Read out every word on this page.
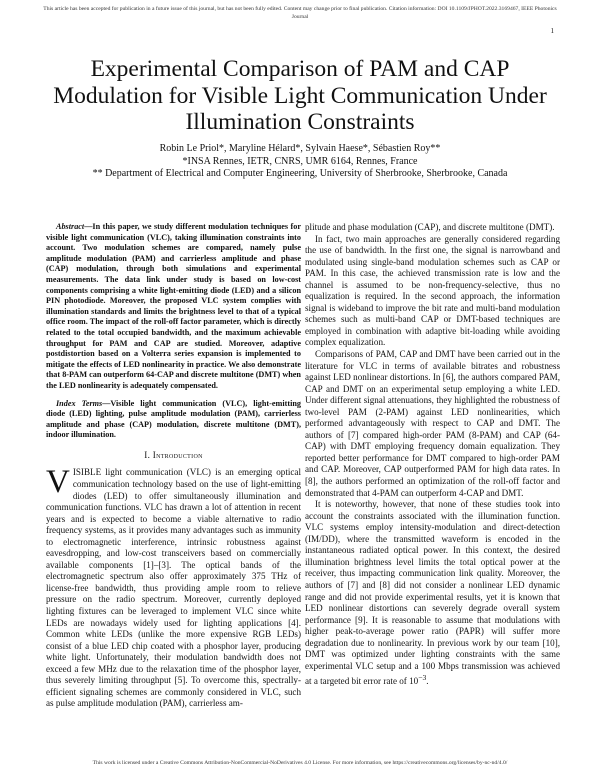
This article has been accepted for publication in a future issue of this journal, but has not been fully edited. Content may change prior to final publication. Citation information: DOI 10.1109/JPHOT.2022.3169467, IEEE Photonics Journal
1
Experimental Comparison of PAM and CAP Modulation for Visible Light Communication Under Illumination Constraints
Robin Le Priol*, Maryline Hélard*, Sylvain Haese*, Sébastien Roy**
*INSA Rennes, IETR, CNRS, UMR 6164, Rennes, France
** Department of Electrical and Computer Engineering, University of Sherbrooke, Sherbrooke, Canada

Abstract—In this paper, we study different modulation techniques for visible light communication (VLC), taking illumination constraints into account. Two modulation schemes are compared, namely pulse amplitude modulation (PAM) and carrierless amplitude and phase (CAP) modulation, through both simulations and experimental measurements. The data link under study is based on low-cost components comprising a white light-emitting diode (LED) and a silicon PIN photodiode. Moreover, the proposed VLC system complies with illumination standards and limits the brightness level to that of a typical office room. The impact of the roll-off factor parameter, which is directly related to the total occupied bandwidth, and the maximum achievable throughput for PAM and CAP are studied. Moreover, adaptive postdistortion based on a Volterra series expansion is implemented to mitigate the effects of LED nonlinearity in practice. We also demonstrate that 8-PAM can outperform 64-CAP and discrete multitone (DMT) when the LED nonlinearity is adequately compensated.

Index Terms—Visible light communication (VLC), light-emitting diode (LED) lighting, pulse amplitude modulation (PAM), carrierless amplitude and phase (CAP) modulation, discrete multitone (DMT), indoor illumination.

I. Introduction

VISIBLE light communication (VLC) is an emerging optical communication technology based on the use of light-emitting diodes (LED) to offer simultaneously illumination and communication functions. VLC has drawn a lot of attention in recent years and is expected to become a viable alternative to radio frequency systems, as it provides many advantages such as immunity to electromagnetic interference, intrinsic robustness against eavesdropping, and low-cost transceivers based on commercially available components [1]–[3]. The optical bands of the electromagnetic spectrum also offer approximately 375 THz of license-free bandwidth, thus providing ample room to relieve pressure on the radio spectrum. Moreover, currently deployed lighting fixtures can be leveraged to implement VLC since white LEDs are nowadays widely used for lighting applications [4]. Common white LEDs (unlike the more expensive RGB LEDs) consist of a blue LED chip coated with a phosphor layer, producing white light. Unfortunately, their modulation bandwidth does not exceed a few MHz due to the relaxation time of the phosphor layer, thus severely limiting throughput [5]. To overcome this, spectrally-efficient signaling schemes are commonly considered in VLC, such as pulse amplitude modulation (PAM), carrierless am-

plitude and phase modulation (CAP), and discrete multitone (DMT).

In fact, two main approaches are generally considered regarding the use of bandwidth. In the first one, the signal is narrowband and modulated using single-band modulation schemes such as CAP or PAM. In this case, the achieved transmission rate is low and the channel is assumed to be non-frequency-selective, thus no equalization is required. In the second approach, the information signal is wideband to improve the bit rate and multi-band modulation schemes such as multi-band CAP or DMT-based techniques are employed in combination with adaptive bit-loading while avoiding complex equalization.

Comparisons of PAM, CAP and DMT have been carried out in the literature for VLC in terms of available bitrates and robustness against LED nonlinear distortions. In [6], the authors compared PAM, CAP and DMT on an experimental setup employing a white LED. Under different signal attenuations, they highlighted the robustness of two-level PAM (2-PAM) against LED nonlinearities, which performed advantageously with respect to CAP and DMT. The authors of [7] compared high-order PAM (8-PAM) and CAP (64-CAP) with DMT employing frequency domain equalization. They reported better performance for DMT compared to high-order PAM and CAP. Moreover, CAP outperformed PAM for high data rates. In [8], the authors performed an optimization of the roll-off factor and demonstrated that 4-PAM can outperform 4-CAP and DMT.

It is noteworthy, however, that none of these studies took into account the constraints associated with the illumination function. VLC systems employ intensity-modulation and direct-detection (IM/DD), where the transmitted waveform is encoded in the instantaneous radiated optical power. In this context, the desired illumination brightness level limits the total optical power at the receiver, thus impacting communication link quality. Moreover, the authors of [7] and [8] did not consider a nonlinear LED dynamic range and did not provide experimental results, yet it is known that LED nonlinear distortions can severely degrade overall system performance [9]. It is reasonable to assume that modulations with higher peak-to-average power ratio (PAPR) will suffer more degradation due to nonlinearity. In previous work by our team [10], DMT was optimized under lighting constraints with the same experimental VLC setup and a 100 Mbps transmission was achieved at a targeted bit error rate of $10^{-3}$.

This work is licensed under a Creative Commons Attribution-NonCommercial-NoDerivatives 4.0 License. For more information, see https://creativecommons.org/licenses/by-nc-nd/4.0/
